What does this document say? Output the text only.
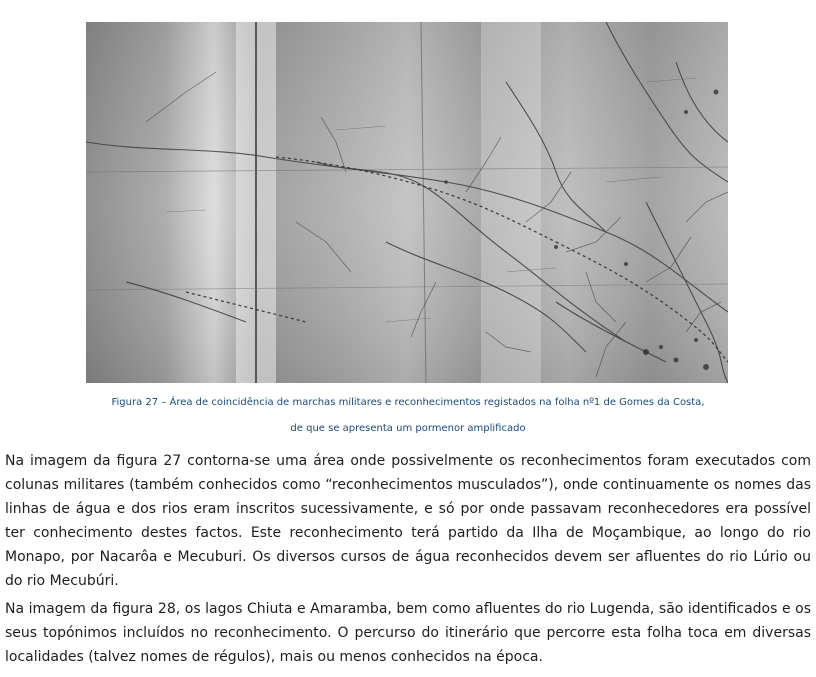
Figura 27 – Área de coincidência de marchas militares e reconhecimentos registados na folha nº1 de Gomes da Costa,
de que se apresenta um pormenor amplificado

Na imagem da figura 27 contorna-se uma área onde possivelmente os reconhecimentos foram executados com colunas militares (também conhecidos como “reconhecimentos musculados”), onde continuamente os nomes das linhas de água e dos rios eram inscritos sucessivamente, e só por onde passavam reconhecedores era possível ter conhecimento destes factos. Este reconhecimento terá partido da Ilha de Moçambique, ao longo do rio Monapo, por Nacarôa e Mecuburi. Os diversos cursos de água reconhecidos devem ser afluentes do rio Lúrio ou do rio Mecubúri.

Na imagem da figura 28, os lagos Chiuta e Amaramba, bem como afluentes do rio Lugenda, são identificados e os seus topónimos incluídos no reconhecimento. O percurso do itinerário que percorre esta folha toca em diversas localidades (talvez nomes de régulos), mais ou menos conhecidos na época.
